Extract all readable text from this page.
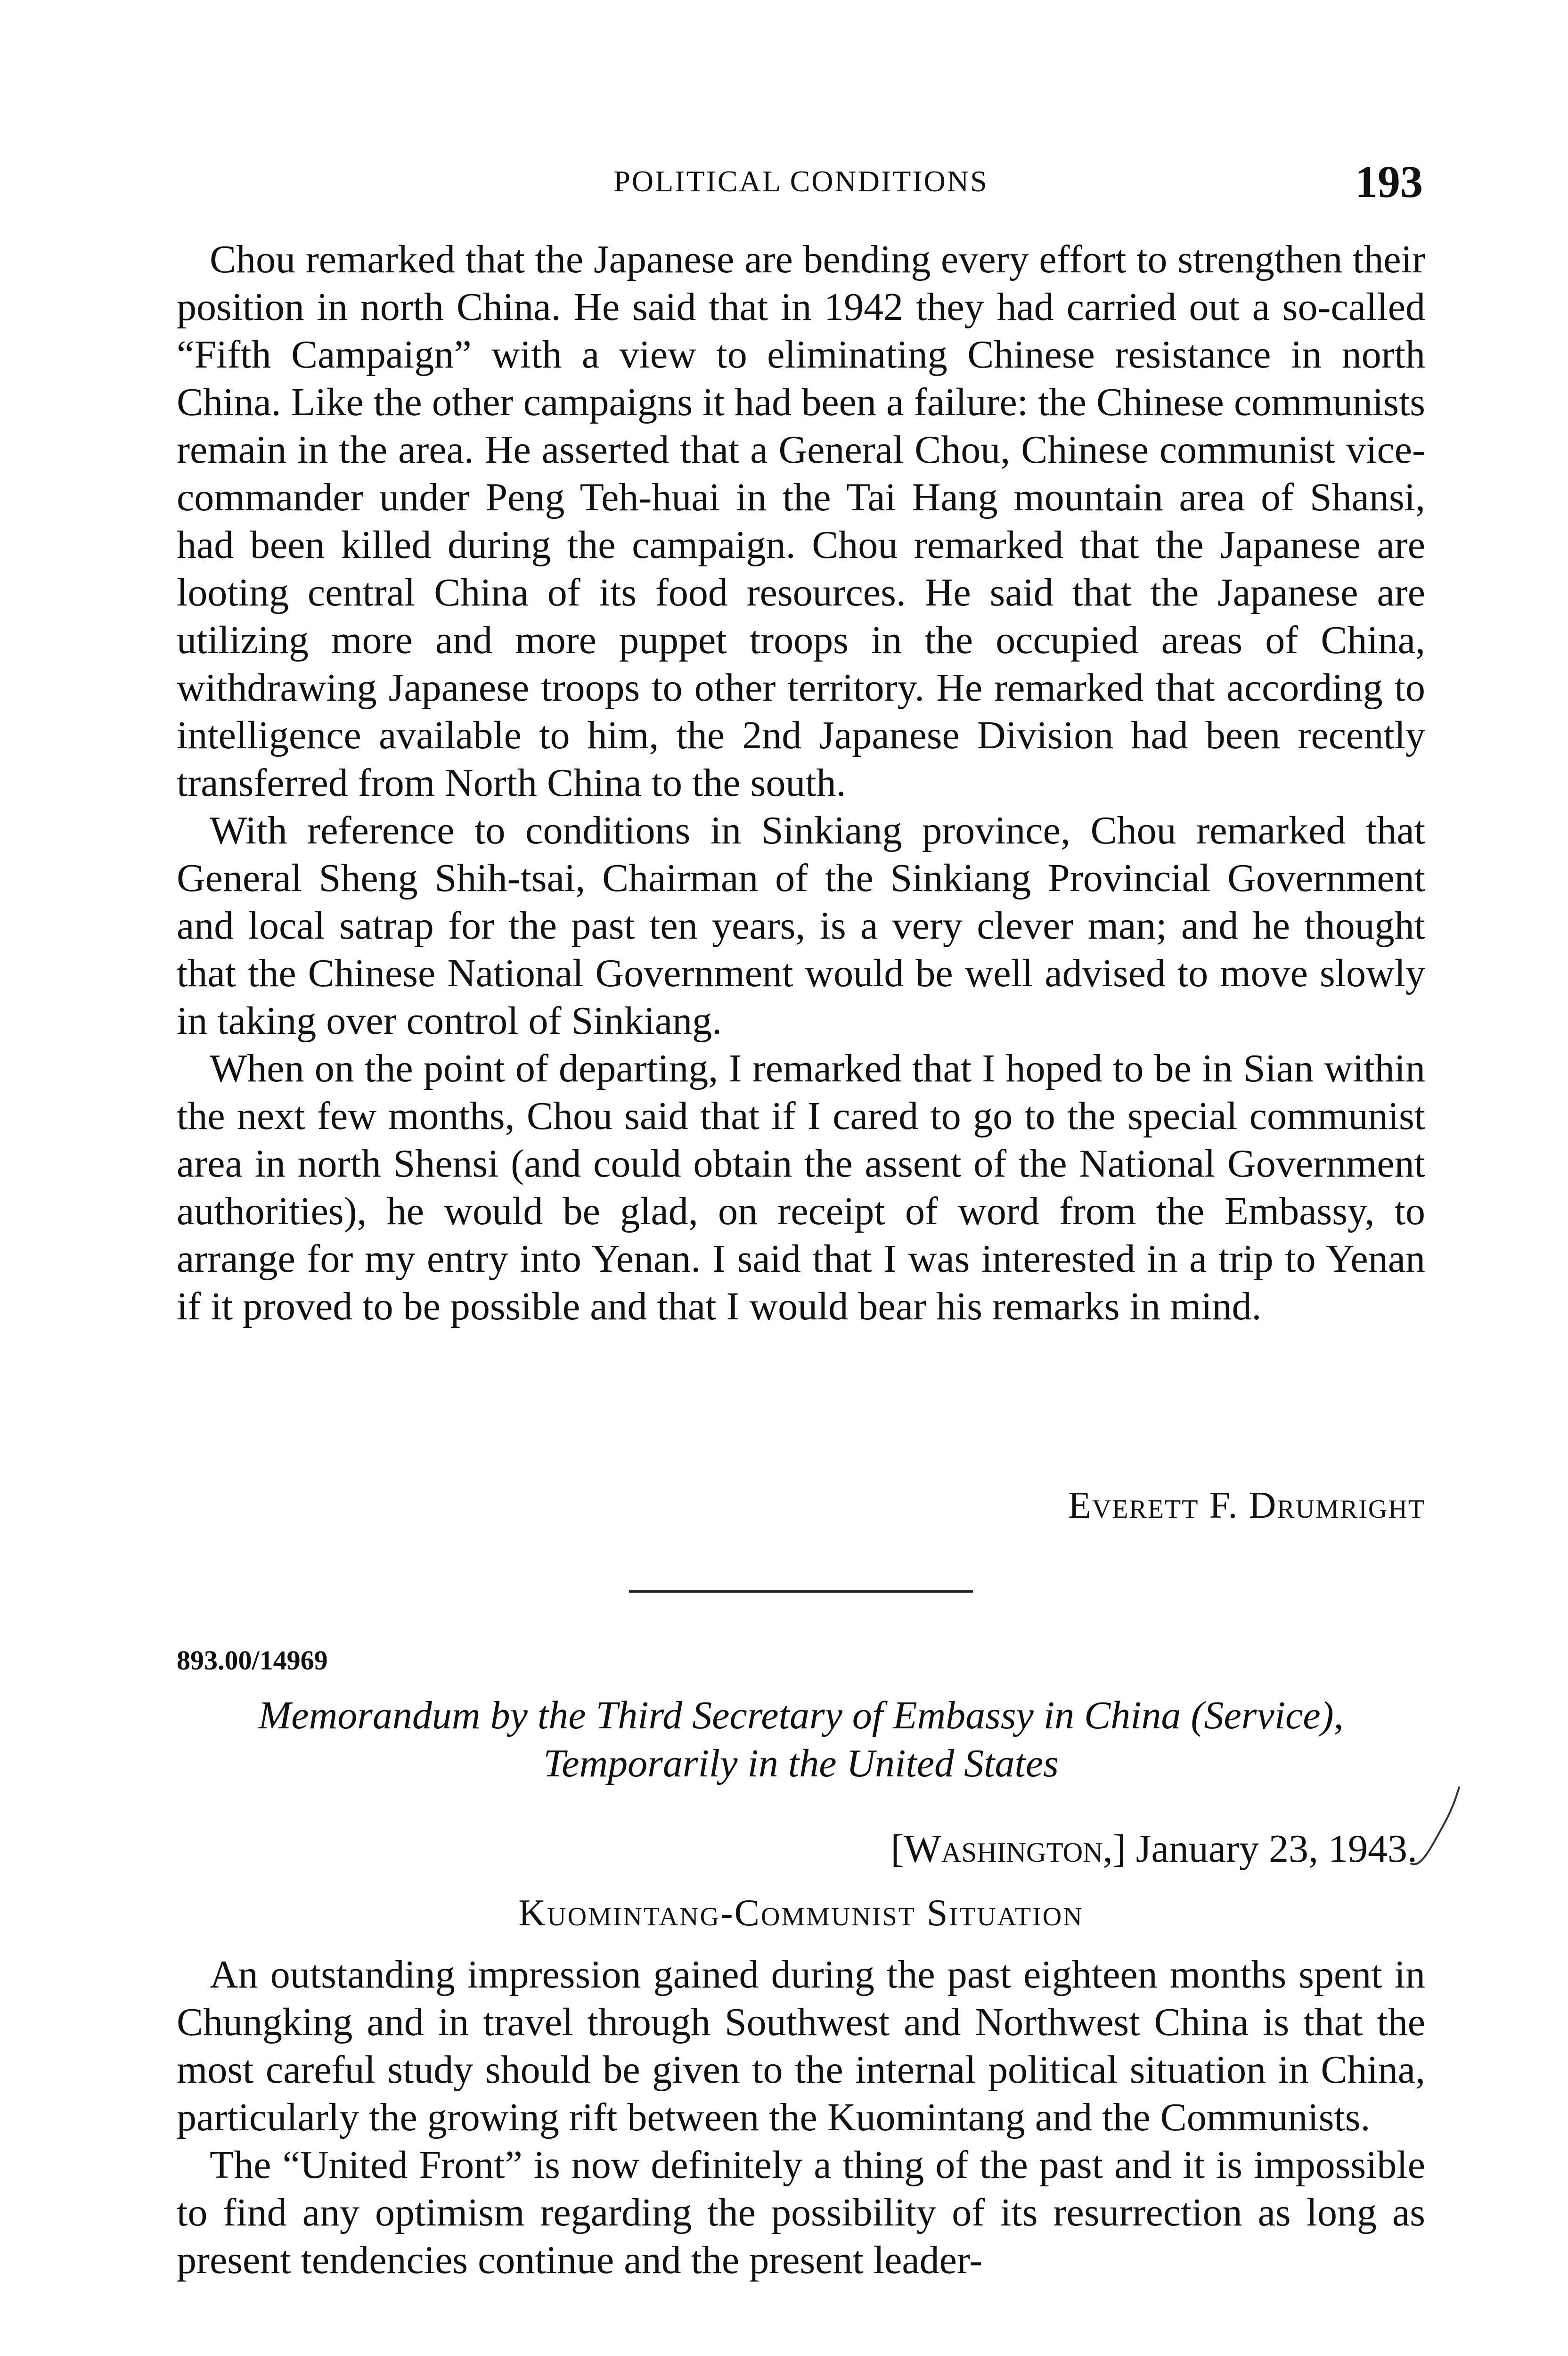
POLITICAL CONDITIONS	193

Chou remarked that the Japanese are bending every effort to strengthen their position in north China. He said that in 1942 they had carried out a so-called “Fifth Campaign” with a view to eliminating Chinese resistance in north China. Like the other campaigns it had been a failure: the Chinese communists remain in the area. He asserted that a General Chou, Chinese communist vice-commander under Peng Teh-huai in the Tai Hang mountain area of Shansi, had been killed during the campaign. Chou remarked that the Japanese are looting central China of its food resources. He said that the Japanese are utilizing more and more puppet troops in the occupied areas of China, withdrawing Japanese troops to other territory. He remarked that according to intelligence available to him, the 2nd Japanese Division had been recently transferred from North China to the south.

With reference to conditions in Sinkiang province, Chou remarked that General Sheng Shih-tsai, Chairman of the Sinkiang Provincial Government and local satrap for the past ten years, is a very clever man; and he thought that the Chinese National Government would be well advised to move slowly in taking over control of Sinkiang.

When on the point of departing, I remarked that I hoped to be in Sian within the next few months, Chou said that if I cared to go to the special communist area in north Shensi (and could obtain the assent of the National Government authorities), he would be glad, on receipt of word from the Embassy, to arrange for my entry into Yenan. I said that I was interested in a trip to Yenan if it proved to be possible and that I would bear his remarks in mind.

Everett F. Drumright
893.00/14969
Memorandum by the Third Secretary of Embassy in China (Service),
Temporarily in the United States
[Washington,] January 23, 1943.
Kuomintang-Communist Situation

An outstanding impression gained during the past eighteen months spent in Chungking and in travel through Southwest and Northwest China is that the most careful study should be given to the internal political situation in China, particularly the growing rift between the Kuomintang and the Communists.

The “United Front” is now definitely a thing of the past and it is impossible to find any optimism regarding the possibility of its resurrection as long as present tendencies continue and the present leader-
